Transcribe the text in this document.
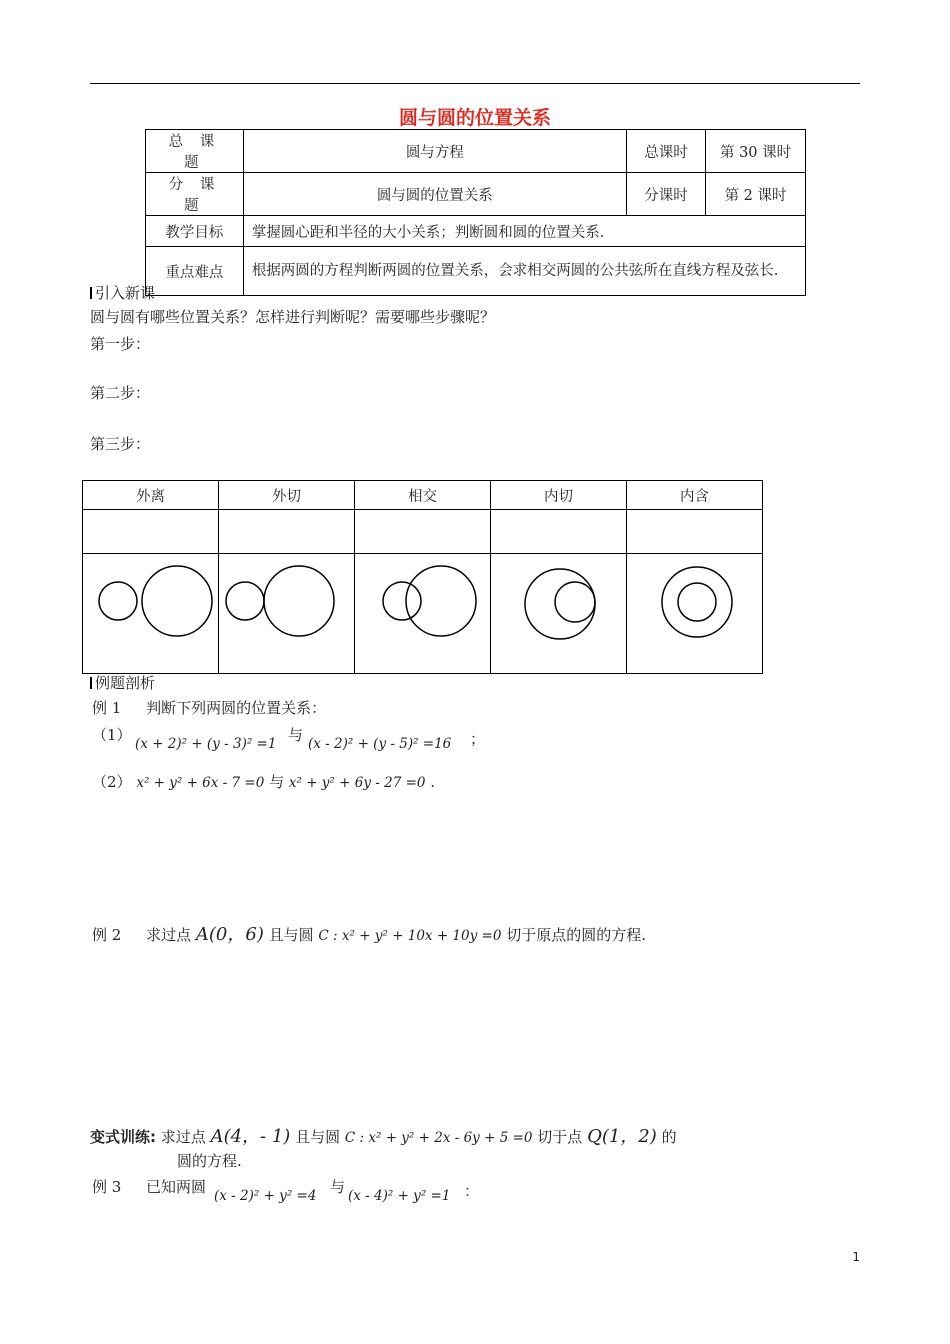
圆与圆的位置关系
总 课 题	圆与方程	总课时	第 30 课时
分 课 题	圆与圆的位置关系	分课时	第 2 课时
教学目标	掌握圆心距和半径的大小关系；判断圆和圆的位置关系.		
重点难点	根据两圆的方程判断两圆的位置关系，会求相交两圆的公共弦所在直线方程及弦长.		
引入新课
圆与圆有哪些位置关系？怎样进行判断呢？需要哪些步骤呢？
第一步：
第二步：
第三步：
外离	外切	相交	内切	内含

例题剖析
例 1 判断下列两圆的位置关系：
（1） (x + 2)² + (y - 3)² =1 与 (x - 2)² + (y - 5)² =16 ；
（2） x² + y² + 6x - 7 =0 与 x² + y² + 6y - 27 =0 .
例 2 求过点 A(0，6) 且与圆 C : x² + y² + 10x + 10y =0 切于原点的圆的方程.
变式训练: 求过点 A(4，- 1) 且与圆 C : x² + y² + 2x - 6y + 5 =0 切于点 Q(1，2) 的
圆的方程.
例 3 已知两圆 (x - 2)² + y² =4 与 (x - 4)² + y² =1 ：
1
